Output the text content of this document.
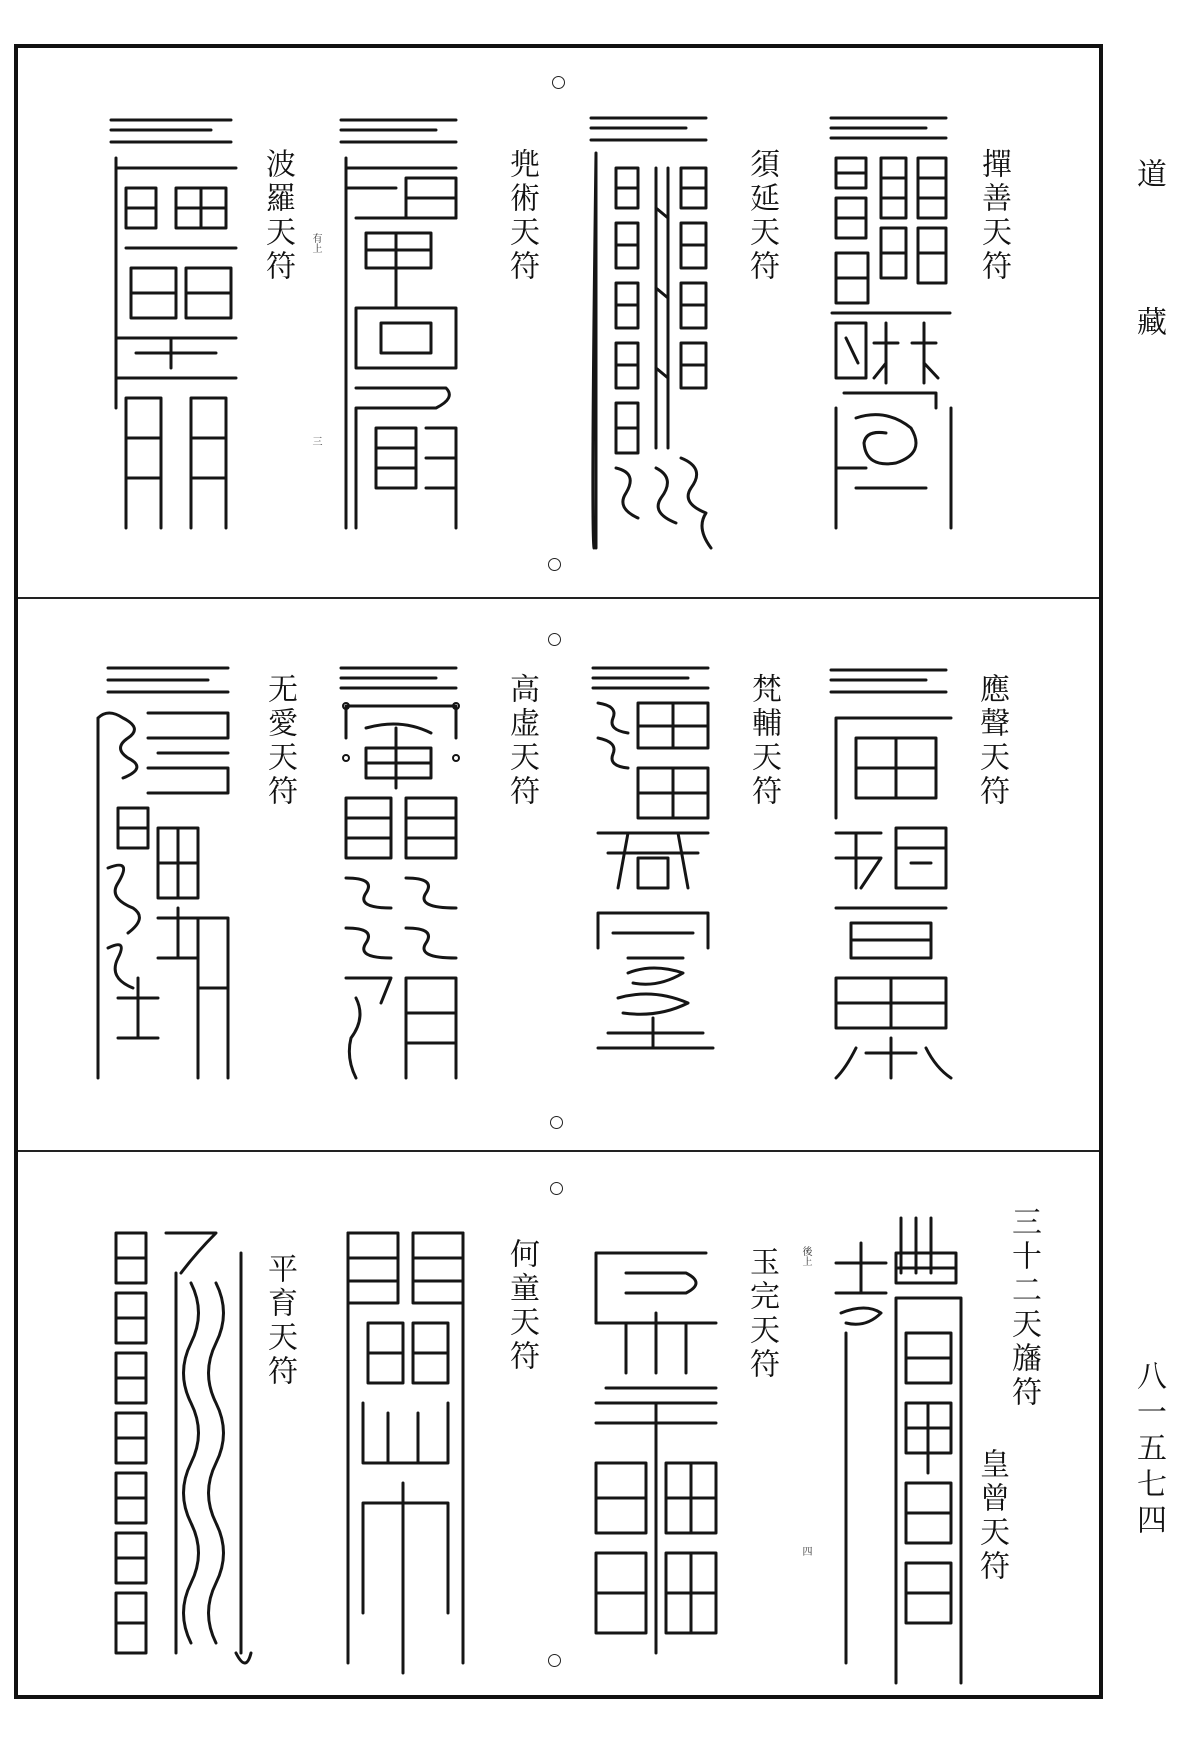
道
藏
八一五七四
撣善天符
須延天符
兠術天符
波羅天符 有上
三
應聲天符
梵輔天符
高虚天符
无愛天符
三十二天旛符
皇曾天符
玉完天符
何童天符
平育天符	後上
四
